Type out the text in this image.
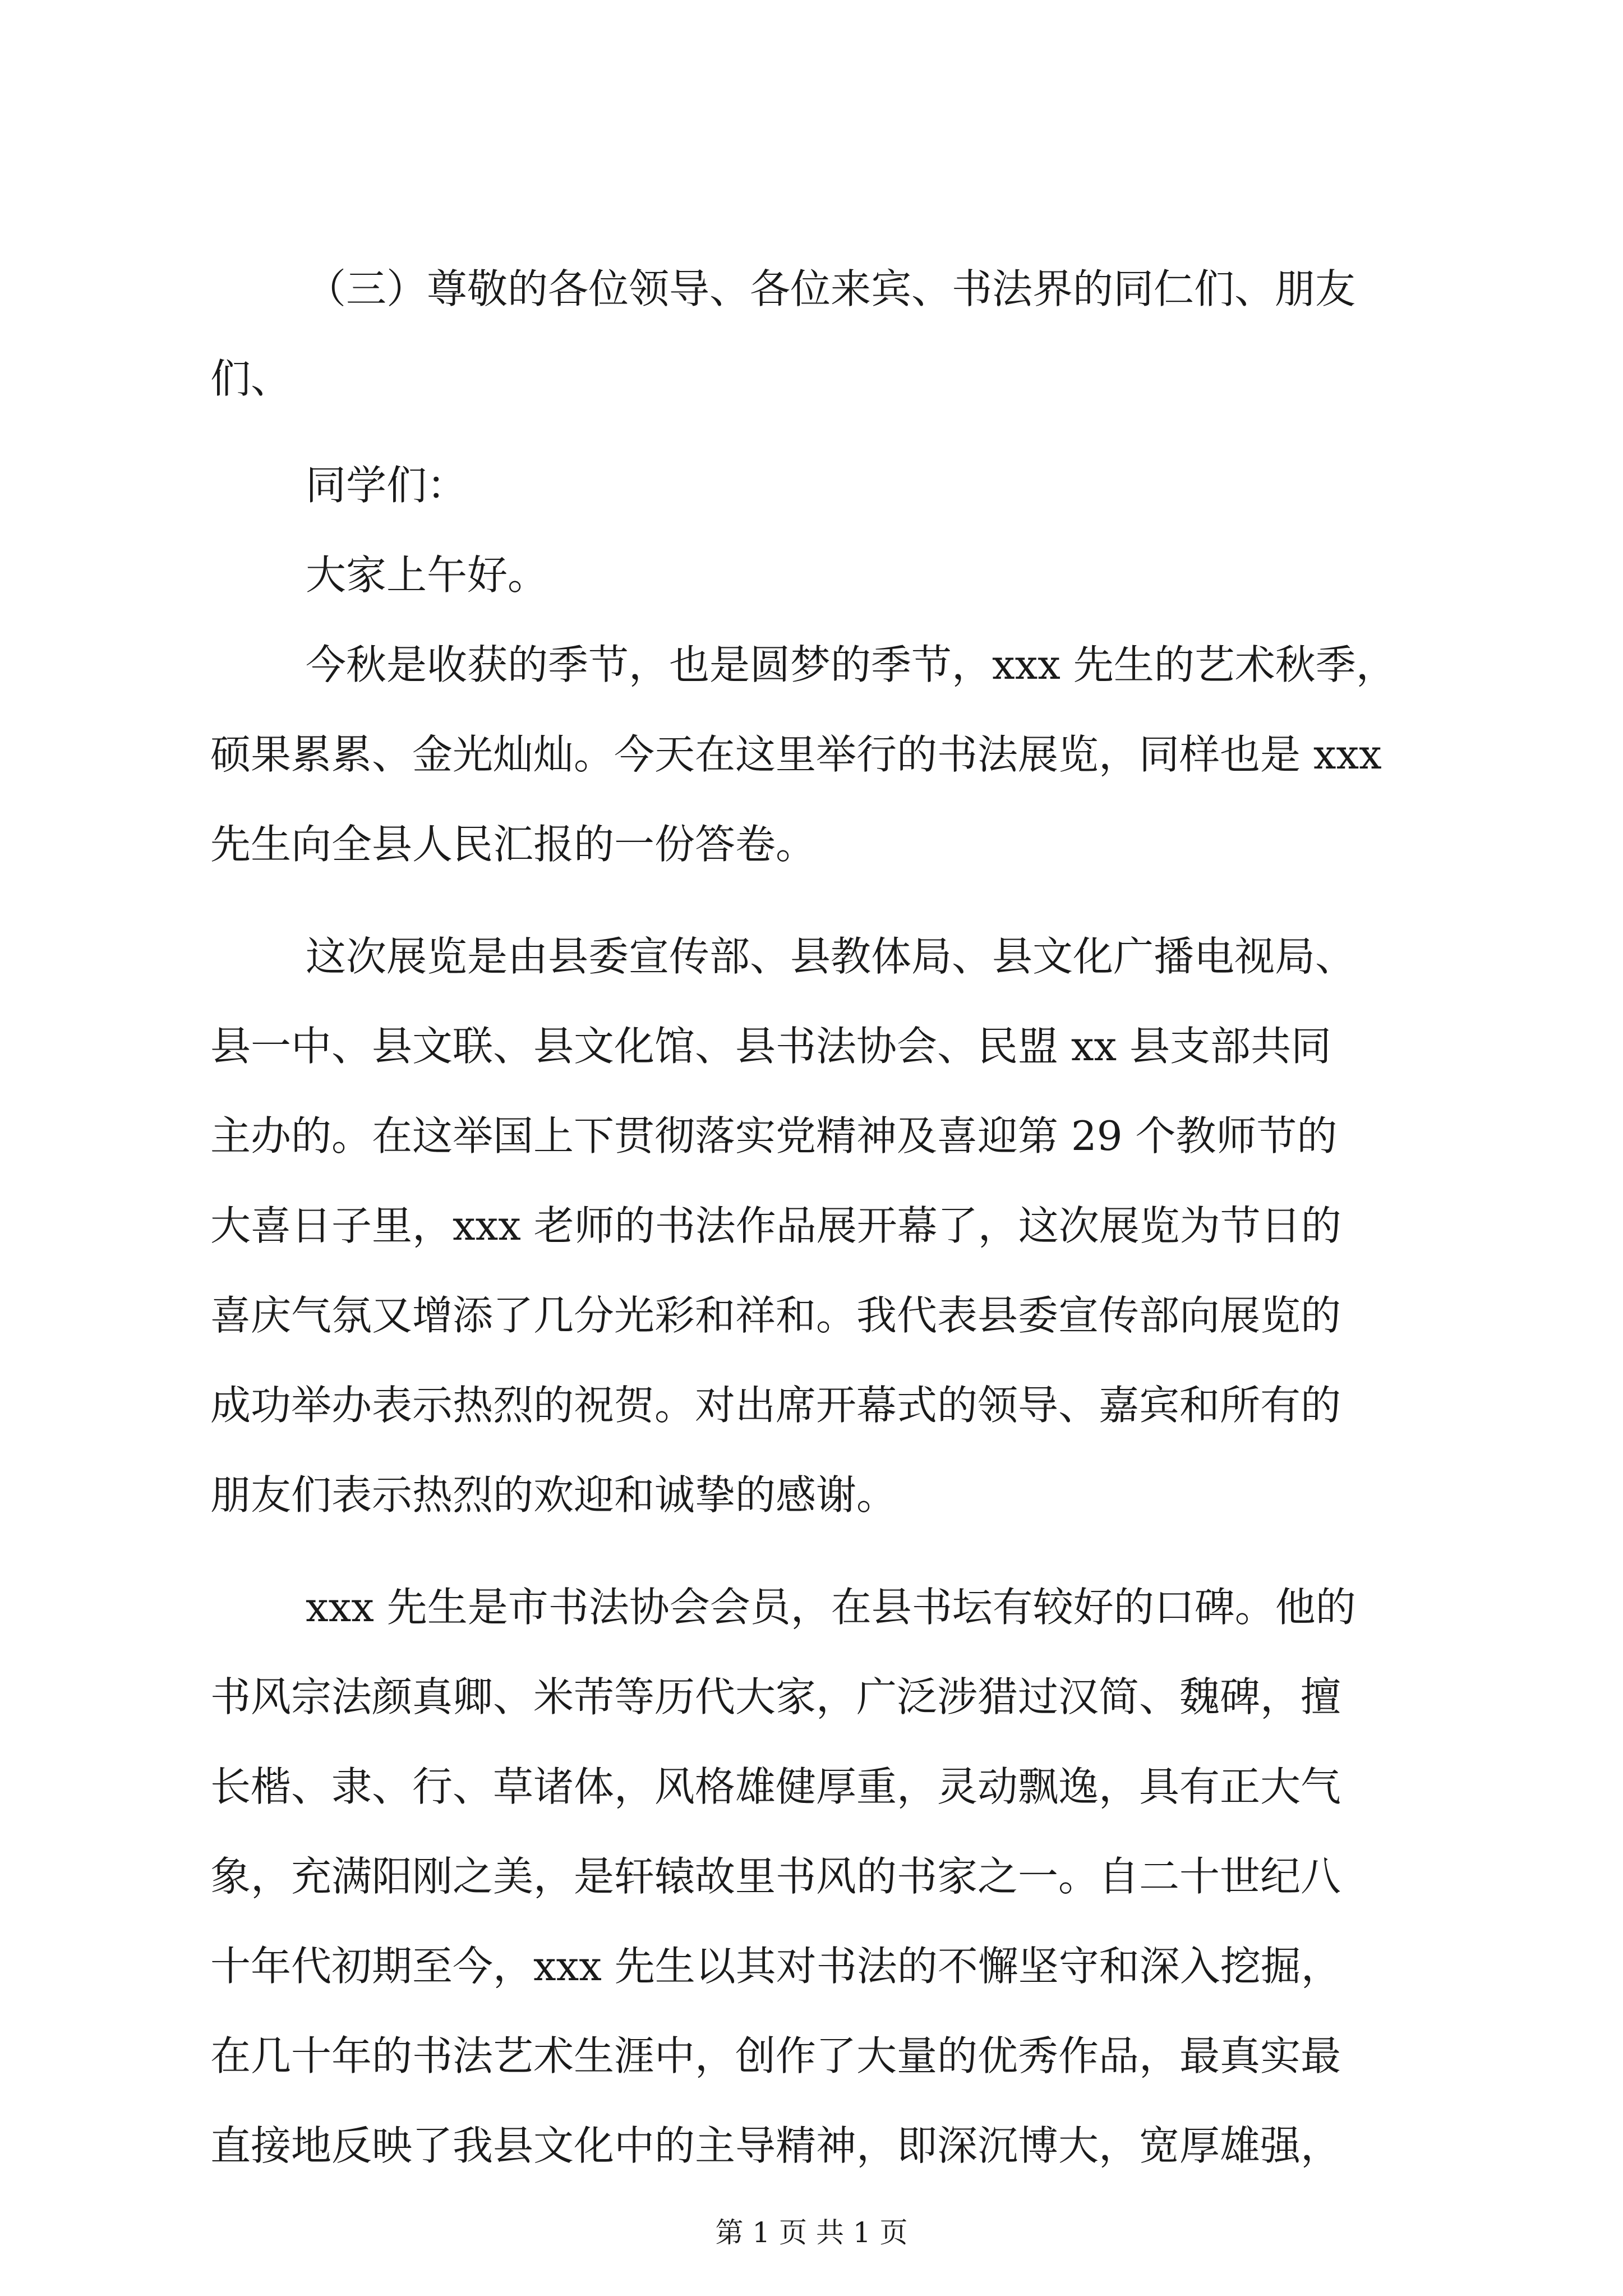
（三）尊敬的各位领导、各位来宾、书法界的同仁们、朋友
们、
同学们：
大家上午好。
今秋是收获的季节，也是圆梦的季节，xxx 先生的艺术秋季，
硕果累累、金光灿灿。今天在这里举行的书法展览，同样也是 xxx
先生向全县人民汇报的一份答卷。
这次展览是由县委宣传部、县教体局、县文化广播电视局、
县一中、县文联、县文化馆、县书法协会、民盟 xx 县支部共同
主办的。在这举国上下贯彻落实党精神及喜迎第 29 个教师节的
大喜日子里，xxx 老师的书法作品展开幕了，这次展览为节日的
喜庆气氛又增添了几分光彩和祥和。我代表县委宣传部向展览的
成功举办表示热烈的祝贺。对出席开幕式的领导、嘉宾和所有的
朋友们表示热烈的欢迎和诚挚的感谢。
xxx 先生是市书法协会会员，在县书坛有较好的口碑。他的
书风宗法颜真卿、米芾等历代大家，广泛涉猎过汉简、魏碑，擅
长楷、隶、行、草诸体，风格雄健厚重，灵动飘逸，具有正大气
象，充满阳刚之美，是轩辕故里书风的书家之一。自二十世纪八
十年代初期至今，xxx 先生以其对书法的不懈坚守和深入挖掘，
在几十年的书法艺术生涯中，创作了大量的优秀作品，最真实最
直接地反映了我县文化中的主导精神，即深沉博大，宽厚雄强，
第 1 页 共 1 页
